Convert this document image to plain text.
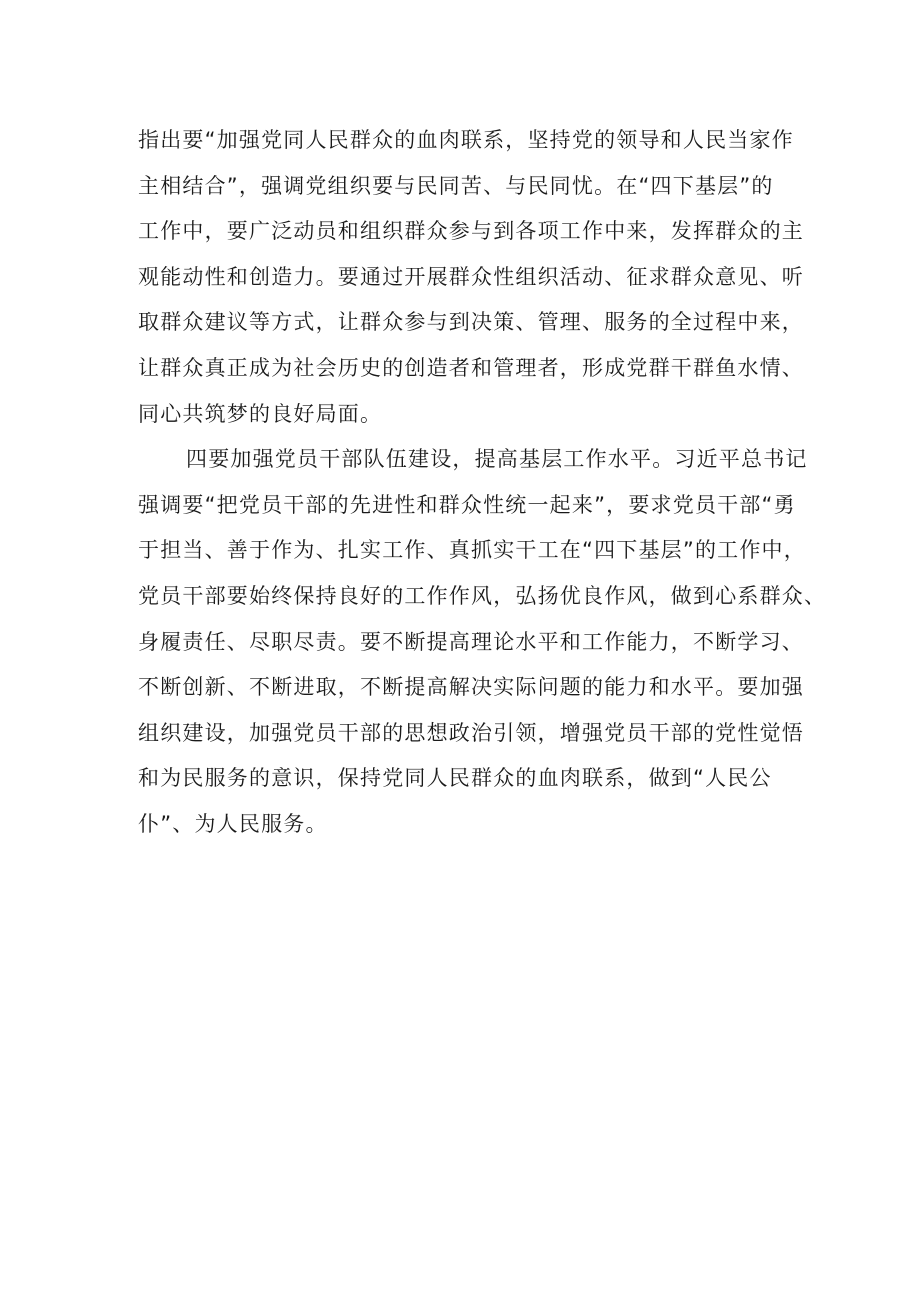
指出要“加强党同人民群众的血肉联系，坚持党的领导和人民当家作
主相结合”，强调党组织要与民同苦、与民同忧。在“四下基层”的
工作中，要广泛动员和组织群众参与到各项工作中来，发挥群众的主
观能动性和创造力。要通过开展群众性组织活动、征求群众意见、听
取群众建议等方式，让群众参与到决策、管理、服务的全过程中来，
让群众真正成为社会历史的创造者和管理者，形成党群干群鱼水情、
同心共筑梦的良好局面。
四要加强党员干部队伍建设，提高基层工作水平。习近平总书记
强调要“把党员干部的先进性和群众性统一起来”，要求党员干部“勇
于担当、善于作为、扎实工作、真抓实干工在“四下基层”的工作中，
党员干部要始终保持良好的工作作风，弘扬优良作风，做到心系群众、
身履责任、尽职尽责。要不断提高理论水平和工作能力，不断学习、
不断创新、不断进取，不断提高解决实际问题的能力和水平。要加强
组织建设，加强党员干部的思想政治引领，增强党员干部的党性觉悟
和为民服务的意识，保持党同人民群众的血肉联系，做到“人民公
仆”、为人民服务。
